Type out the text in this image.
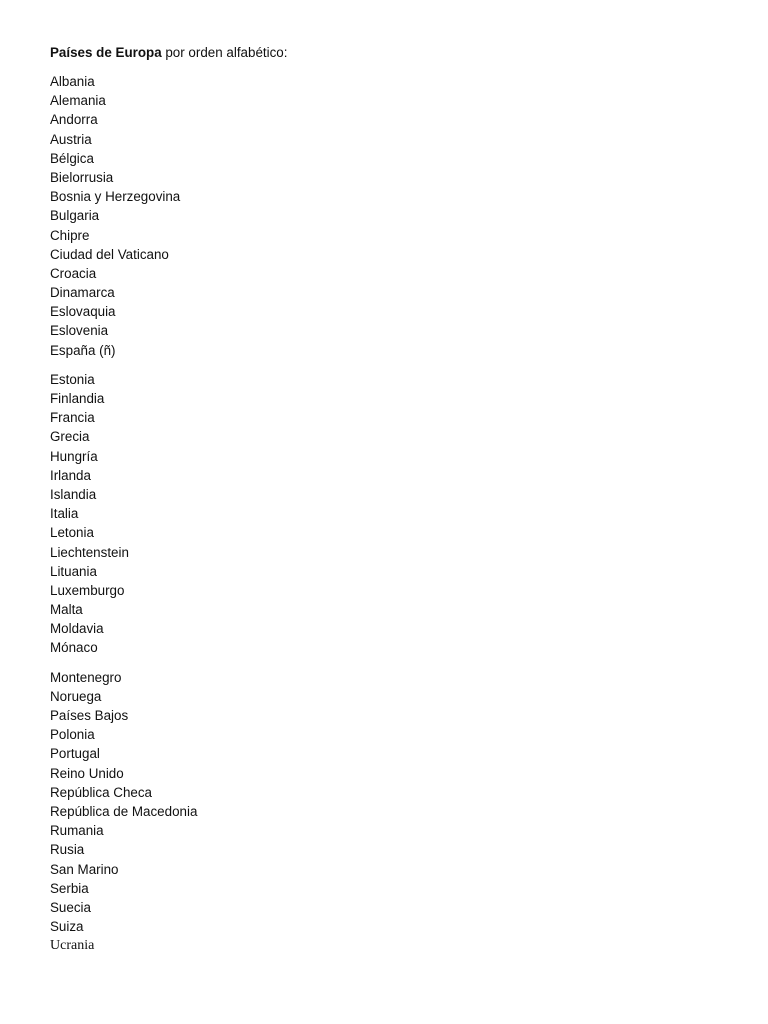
Países de Europa por orden alfabético:

Albania
Alemania
Andorra
Austria
Bélgica
Bielorrusia
Bosnia y Herzegovina
Bulgaria
Chipre
Ciudad del Vaticano
Croacia
Dinamarca
Eslovaquia
Eslovenia
España (ñ)
Estonia
Finlandia
Francia
Grecia
Hungría
Irlanda
Islandia
Italia
Letonia
Liechtenstein
Lituania
Luxemburgo
Malta
Moldavia
Mónaco
Montenegro
Noruega
Países Bajos
Polonia
Portugal
Reino Unido
República Checa
República de Macedonia
Rumania
Rusia
San Marino
Serbia
Suecia
Suiza
Ucrania
